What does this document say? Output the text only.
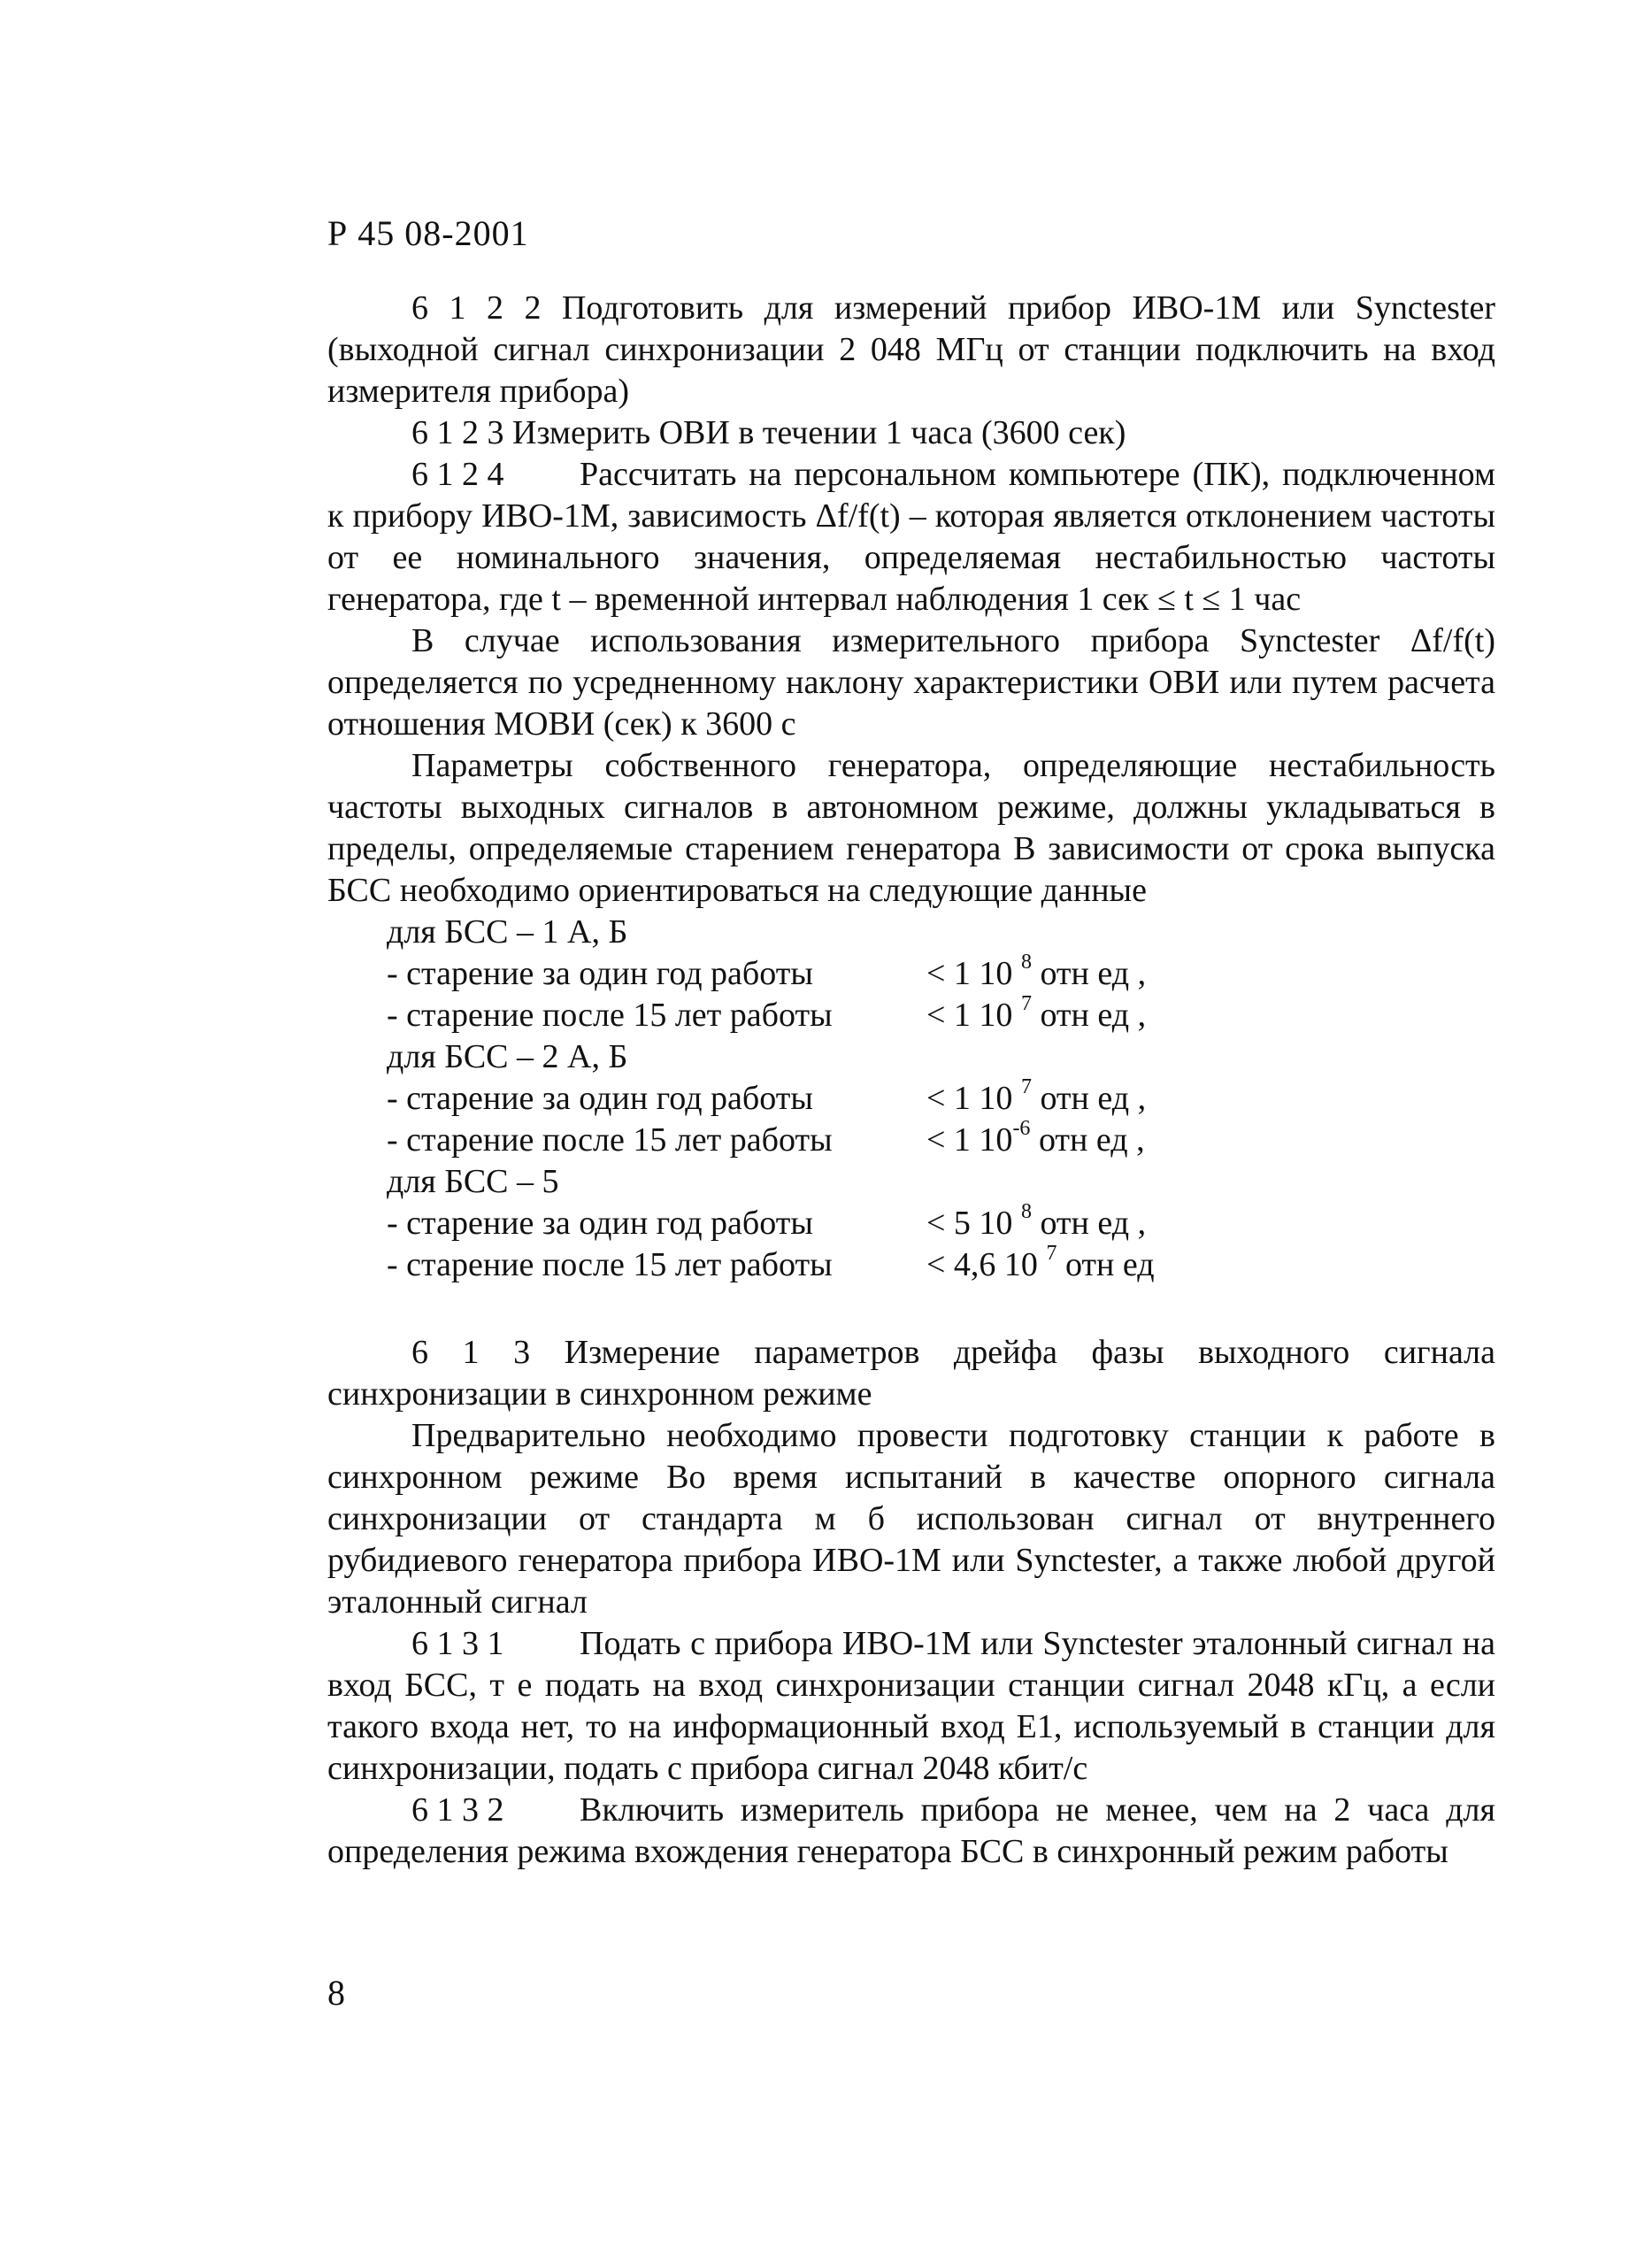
Р 45 08-2001

6 1 2 2 Подготовить для измерений прибор ИВО-1М или Synctester (выходной сигнал синхронизации 2 048 МГц от станции подключить на вход измерителя прибора)

6 1 2 3 Измерить ОВИ в течении 1 часа (3600 сек)

6 1 2 4 Рассчитать на персональном компьютере (ПК), подключенном к прибору ИВО-1М, зависимость Δf/f(t) – которая является отклонением частоты от ее номинального значения, определяемая нестабильностью частоты генератора, где t – временной интервал наблюдения 1 сек ≤ t ≤ 1 час

В случае использования измерительного прибора Synctester Δf/f(t) определяется по усредненному наклону характеристики ОВИ или путем расчета отношения МОВИ (сек) к 3600 с

Параметры собственного генератора, определяющие нестабильность частоты выходных сигналов в автономном режиме, должны укладываться в пределы, определяемые старением генератора В зависимости от срока выпуска БСС необходимо ориентироваться на следующие данные

для БСС – 1 А, Б
- старение за один год работы	< 1 10 $^8$ отн ед ,
- старение после 15 лет работы	< 1 10 $^7$ отн ед ,
для БСС – 2 А, Б
- старение за один год работы	< 1 10 $^7$ отн ед ,
- старение после 15 лет работы	< 1 $10^{-6}$ отн ед ,
для БСС – 5
- старение за один год работы	< 5 10 $^8$ отн ед ,
- старение после 15 лет работы	< 4,6 10 $^7$ отн ед

6 1 3 Измерение параметров дрейфа фазы выходного сигнала синхронизации в синхронном режиме

Предварительно необходимо провести подготовку станции к работе в синхронном режиме Во время испытаний в качестве опорного сигнала синхронизации от стандарта м б использован сигнал от внутреннего рубидиевого генератора прибора ИВО-1М или Synctester, а также любой другой эталонный сигнал

6 1 3 1 Подать с прибора ИВО-1М или Synctester эталонный сигнал на вход БСС, т е подать на вход синхронизации станции сигнал 2048 кГц, а если такого входа нет, то на информационный вход Е1, используемый в станции для синхронизации, подать с прибора сигнал 2048 кбит/с

6 1 3 2 Включить измеритель прибора не менее, чем на 2 часа для определения режима вхождения генератора БСС в синхронный режим работы

8
